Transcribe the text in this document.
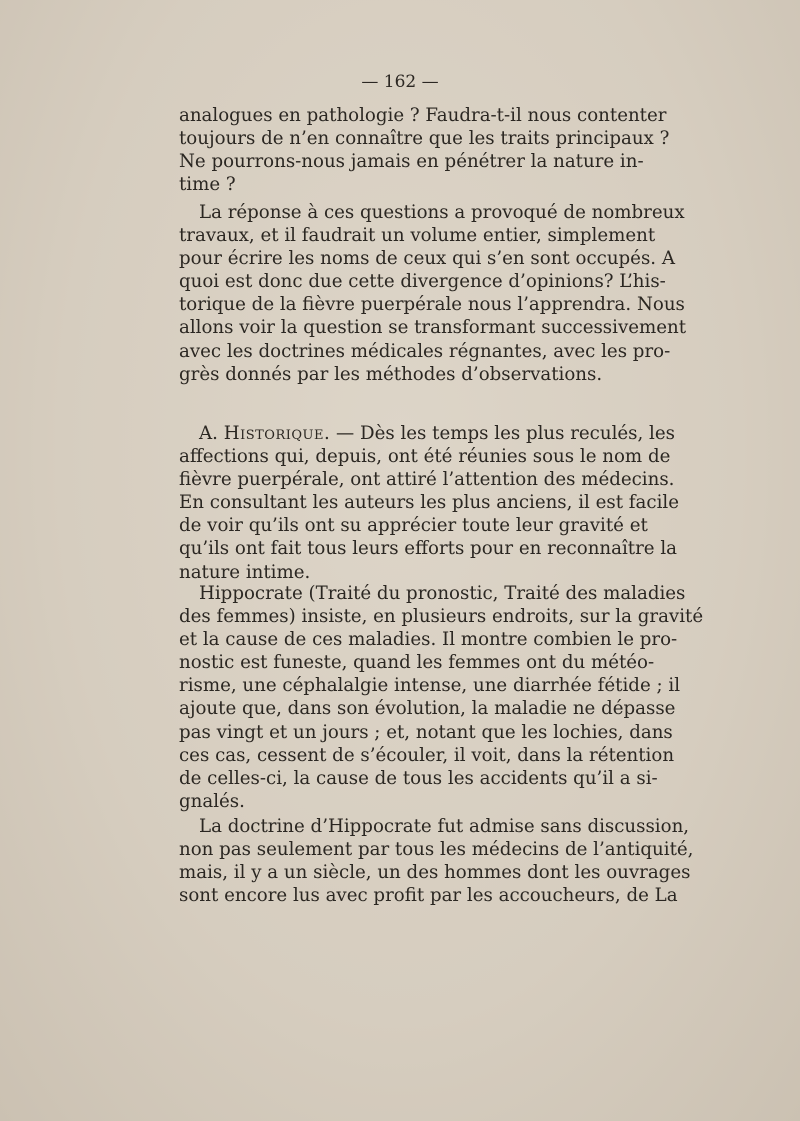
— 162 —
analogues en pathologie ? Faudra-t-il nous contenter
toujours de n’en connaître que les traits principaux ?
Ne pourrons-nous jamais en pénétrer la nature in-
time ?
La réponse à ces questions a provoqué de nombreux
travaux, et il faudrait un volume entier, simplement
pour écrire les noms de ceux qui s’en sont occupés. A
quoi est donc due cette divergence d’opinions? L’his-
torique de la fièvre puerpérale nous l’apprendra. Nous
allons voir la question se transformant successivement
avec les doctrines médicales régnantes, avec les pro-
grès donnés par les méthodes d’observations.
A. Historique. — Dès les temps les plus reculés, les
affections qui, depuis, ont été réunies sous le nom de
fièvre puerpérale, ont attiré l’attention des médecins.
En consultant les auteurs les plus anciens, il est facile
de voir qu’ils ont su apprécier toute leur gravité et
qu’ils ont fait tous leurs efforts pour en reconnaître la
nature intime.
Hippocrate (Traité du pronostic, Traité des maladies
des femmes) insiste, en plusieurs endroits, sur la gravité
et la cause de ces maladies. Il montre combien le pro-
nostic est funeste, quand les femmes ont du météo-
risme, une céphalalgie intense, une diarrhée fétide ; il
ajoute que, dans son évolution, la maladie ne dépasse
pas vingt et un jours ; et, notant que les lochies, dans
ces cas, cessent de s’écouler, il voit, dans la rétention
de celles-ci, la cause de tous les accidents qu’il a si-
gnalés.
La doctrine d’Hippocrate fut admise sans discussion,
non pas seulement par tous les médecins de l’antiquité,
mais, il y a un siècle, un des hommes dont les ouvrages
sont encore lus avec profit par les accoucheurs, de La
